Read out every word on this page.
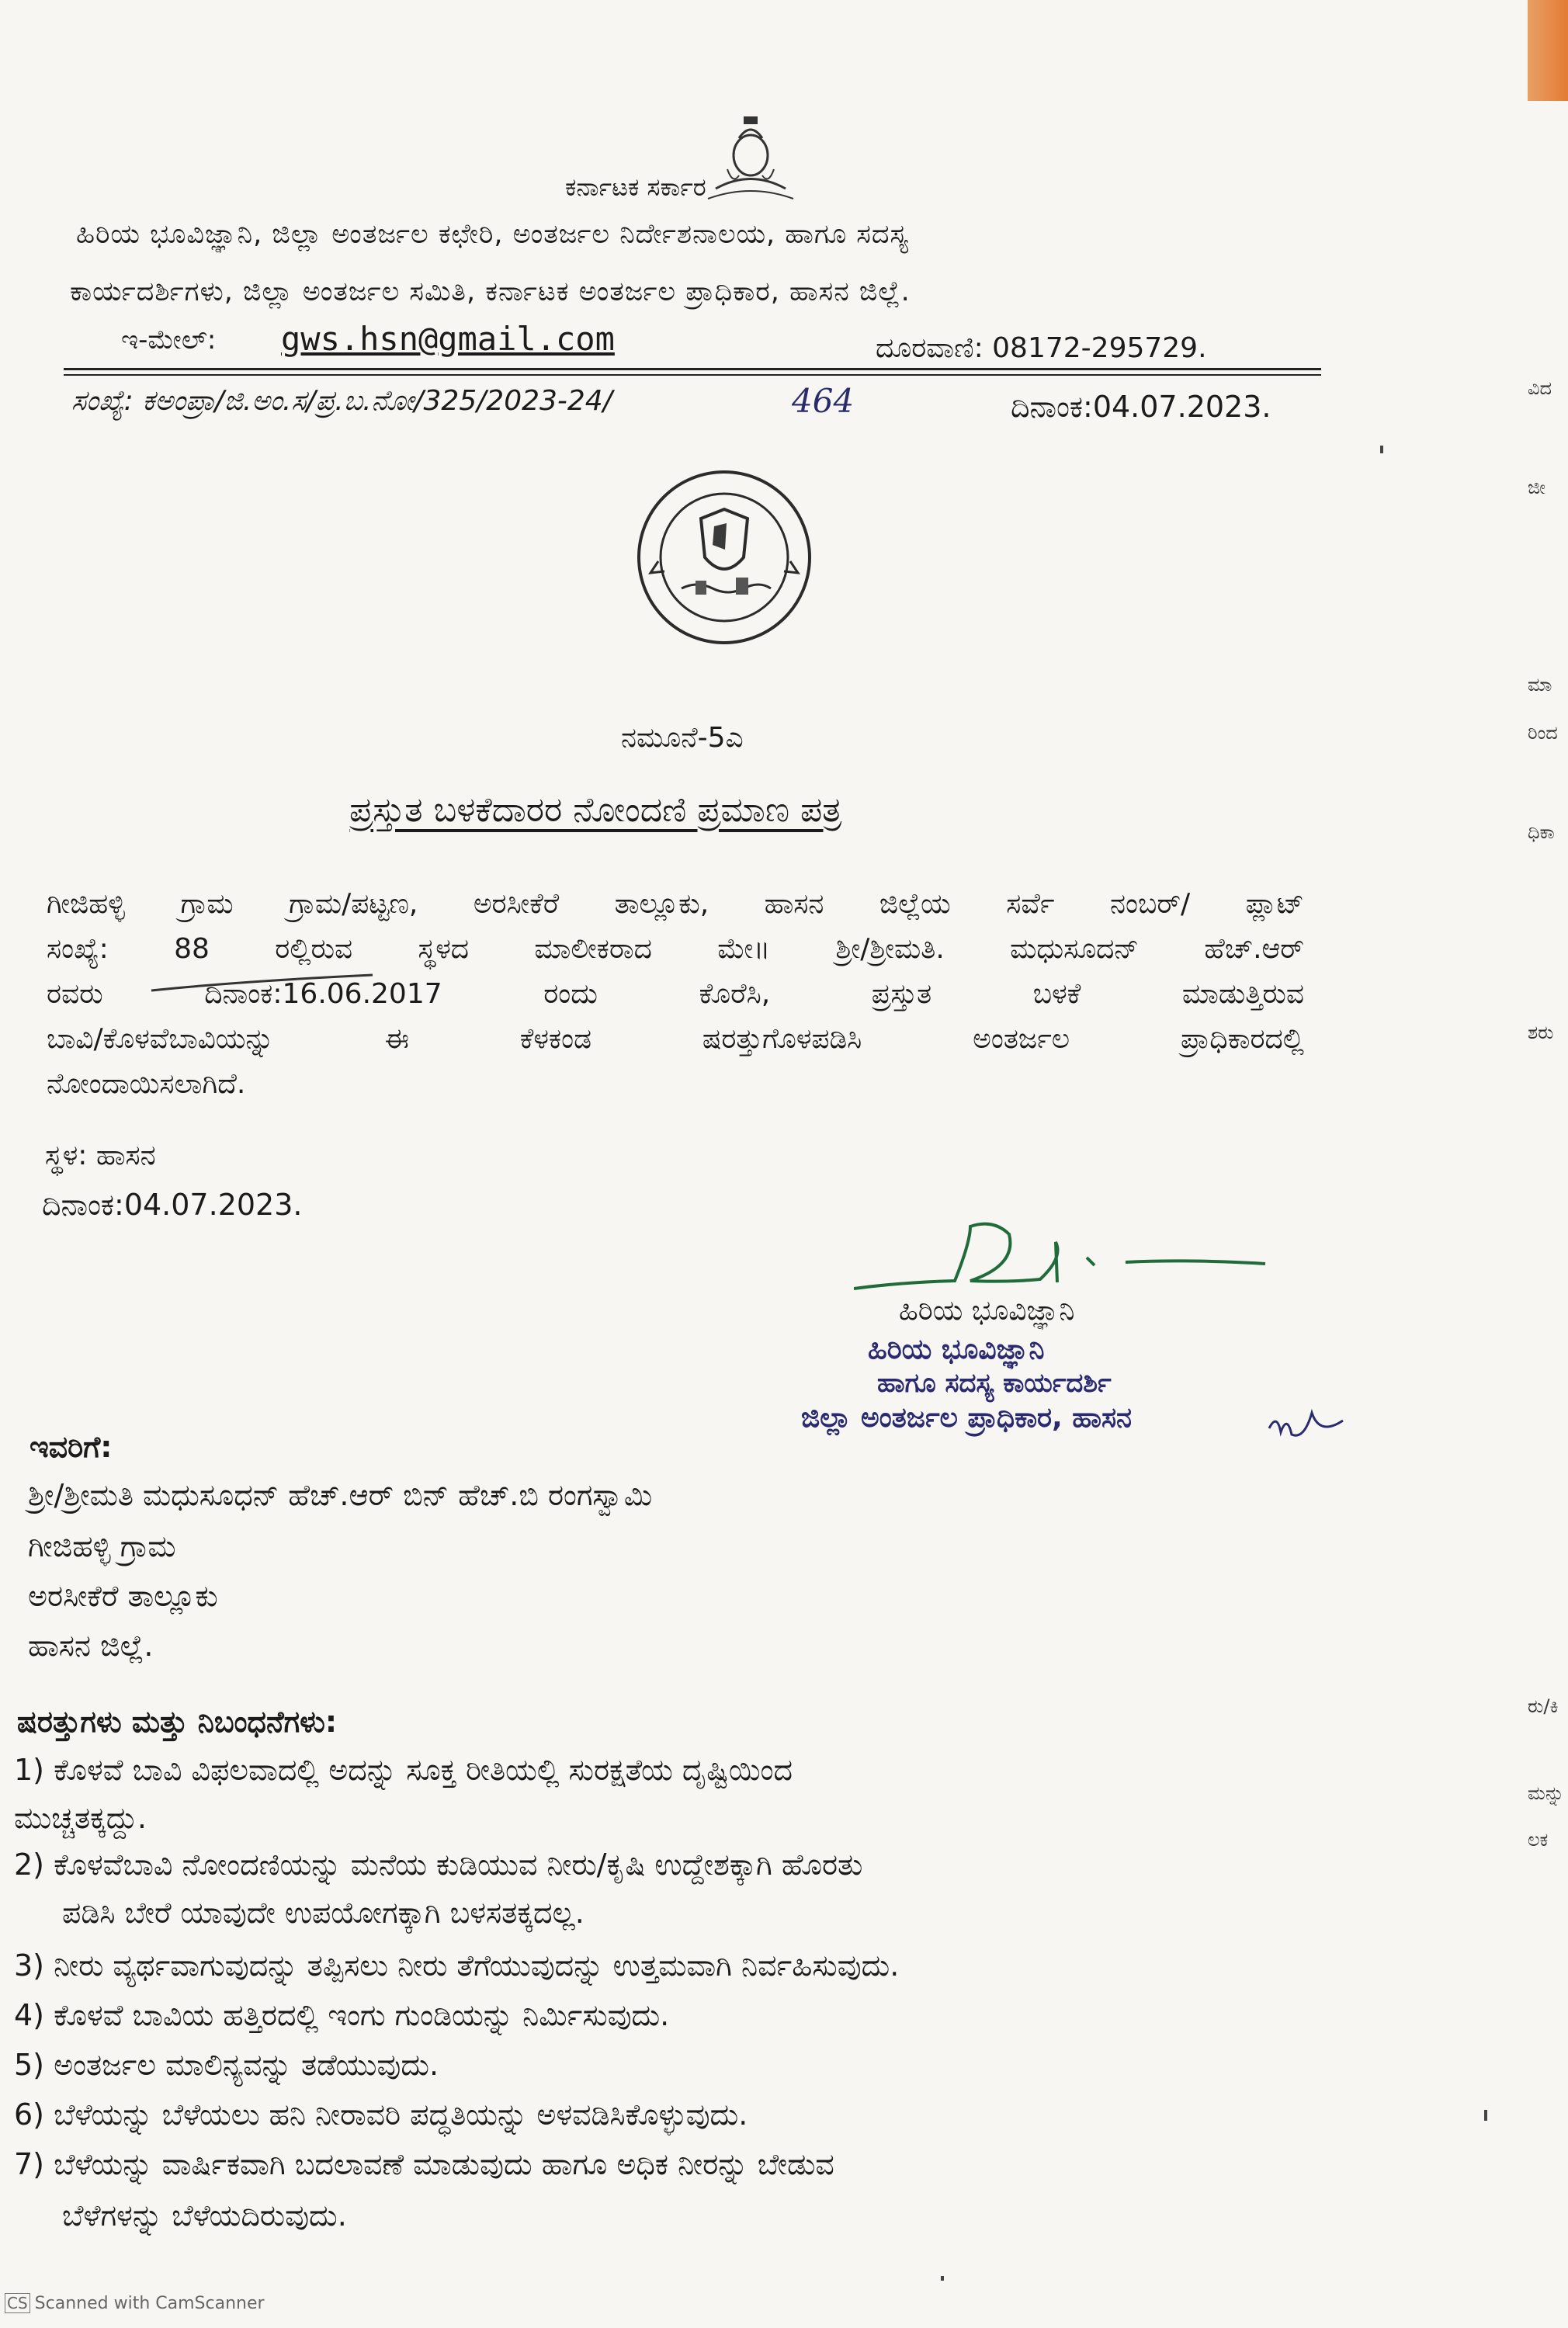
ಕರ್ನಾಟಕ ಸರ್ಕಾರ
ಹಿರಿಯ ಭೂವಿಜ್ಞಾನಿ, ಜಿಲ್ಲಾ ಅಂತರ್ಜಲ ಕಛೇರಿ, ಅಂತರ್ಜಲ ನಿರ್ದೇಶನಾಲಯ, ಹಾಗೂ ಸದಸ್ಯ
ಕಾರ್ಯದರ್ಶಿಗಳು, ಜಿಲ್ಲಾ ಅಂತರ್ಜಲ ಸಮಿತಿ, ಕರ್ನಾಟಕ ಅಂತರ್ಜಲ ಪ್ರಾಧಿಕಾರ, ಹಾಸನ ಜಿಲ್ಲೆ.
ಇ-ಮೇಲ್: gws.hsn@gmail.com	ದೂರವಾಣಿ: 08172-295729.
ಸಂಖ್ಯೆ: ಕಅಂಪ್ರಾ/ಜಿ.ಅಂ.ಸ/ಪ್ರ.ಬ.ನೋ/325/2023-24/	464	ದಿನಾಂಕ:04.07.2023.
ನಮೂನೆ-5ಎ
ಪ್ರಸ್ತುತ ಬಳಕೆದಾರರ ನೋಂದಣಿ ಪ್ರಮಾಣ ಪತ್ರ
ಗೀಜಿಹಳ್ಳಿ ಗ್ರಾಮ ಗ್ರಾಮ/ಪಟ್ಟಣ, ಅರಸೀಕೆರೆ ತಾಲ್ಲೂಕು, ಹಾಸನ ಜಿಲ್ಲೆಯ ಸರ್ವೆ ನಂಬರ್/ ಪ್ಲಾಟ್
ಸಂಖ್ಯೆ: 88 ರಲ್ಲಿರುವ ಸ್ಥಳದ ಮಾಲೀಕರಾದ ಮೇ॥ ಶ್ರೀ/ಶ್ರೀಮತಿ. ಮಧುಸೂದನ್ ಹೆಚ್.ಆರ್
ರವರು ದಿನಾಂಕ:16.06.2017 ರಂದು ಕೊರೆಸಿ, ಪ್ರಸ್ತುತ ಬಳಕೆ ಮಾಡುತ್ತಿರುವ
ಬಾವಿ/ಕೊಳವೆಬಾವಿಯನ್ನು ಈ ಕೆಳಕಂಡ ಷರತ್ತುಗೊಳಪಡಿಸಿ ಅಂತರ್ಜಲ ಪ್ರಾಧಿಕಾರದಲ್ಲಿ
ನೋಂದಾಯಿಸಲಾಗಿದೆ.
ಸ್ಥಳ: ಹಾಸನ
ದಿನಾಂಕ:04.07.2023.
ಹಿರಿಯ ಭೂವಿಜ್ಞಾನಿ
ಹಿರಿಯ ಭೂವಿಜ್ಞಾನಿ
ಹಾಗೂ ಸದಸ್ಯ ಕಾರ್ಯದರ್ಶಿ
ಜಿಲ್ಲಾ ಅಂತರ್ಜಲ ಪ್ರಾಧಿಕಾರ, ಹಾಸನ
ಇವರಿಗೆ:
ಶ್ರೀ/ಶ್ರೀಮತಿ ಮಧುಸೂಧನ್ ಹೆಚ್.ಆರ್ ಬಿನ್ ಹೆಚ್.ಬಿ ರಂಗಸ್ವಾಮಿ
ಗೀಜಿಹಳ್ಳಿ ಗ್ರಾಮ
ಅರಸೀಕೆರೆ ತಾಲ್ಲೂಕು
ಹಾಸನ ಜಿಲ್ಲೆ.
ಷರತ್ತುಗಳು ಮತ್ತು ನಿಬಂಧನೆಗಳು:
1) ಕೊಳವೆ ಬಾವಿ ವಿಫಲವಾದಲ್ಲಿ ಅದನ್ನು ಸೂಕ್ತ ರೀತಿಯಲ್ಲಿ ಸುರಕ್ಷತೆಯ ದೃಷ್ಟಿಯಿಂದ
ಮುಚ್ಚತಕ್ಕದ್ದು.
2) ಕೊಳವೆಬಾವಿ ನೋಂದಣಿಯನ್ನು ಮನೆಯ ಕುಡಿಯುವ ನೀರು/ಕೃಷಿ ಉದ್ದೇಶಕ್ಕಾಗಿ ಹೊರತು
ಪಡಿಸಿ ಬೇರೆ ಯಾವುದೇ ಉಪಯೋಗಕ್ಕಾಗಿ ಬಳಸತಕ್ಕದಲ್ಲ.
3) ನೀರು ವ್ಯರ್ಥವಾಗುವುದನ್ನು ತಪ್ಪಿಸಲು ನೀರು ತೆಗೆಯುವುದನ್ನು ಉತ್ತಮವಾಗಿ ನಿರ್ವಹಿಸುವುದು.
4) ಕೊಳವೆ ಬಾವಿಯ ಹತ್ತಿರದಲ್ಲಿ ಇಂಗು ಗುಂಡಿಯನ್ನು ನಿರ್ಮಿಸುವುದು.
5) ಅಂತರ್ಜಲ ಮಾಲಿನ್ಯವನ್ನು ತಡೆಯುವುದು.
6) ಬೆಳೆಯನ್ನು ಬೆಳೆಯಲು ಹನಿ ನೀರಾವರಿ ಪದ್ಧತಿಯನ್ನು ಅಳವಡಿಸಿಕೊಳ್ಳುವುದು.
7) ಬೆಳೆಯನ್ನು ವಾರ್ಷಿಕವಾಗಿ ಬದಲಾವಣೆ ಮಾಡುವುದು ಹಾಗೂ ಅಧಿಕ ನೀರನ್ನು ಬೇಡುವ
ಬೆಳೆಗಳನ್ನು ಬೆಳೆಯದಿರುವುದು.
ವಿದ
ಜೀ
ಮಾ
ರಿಂದ
ಧಿಕಾ
ಶರು
ರು/ಕಿ
ಮನ್ನು
ಲಕ
CS Scanned with CamScanner
